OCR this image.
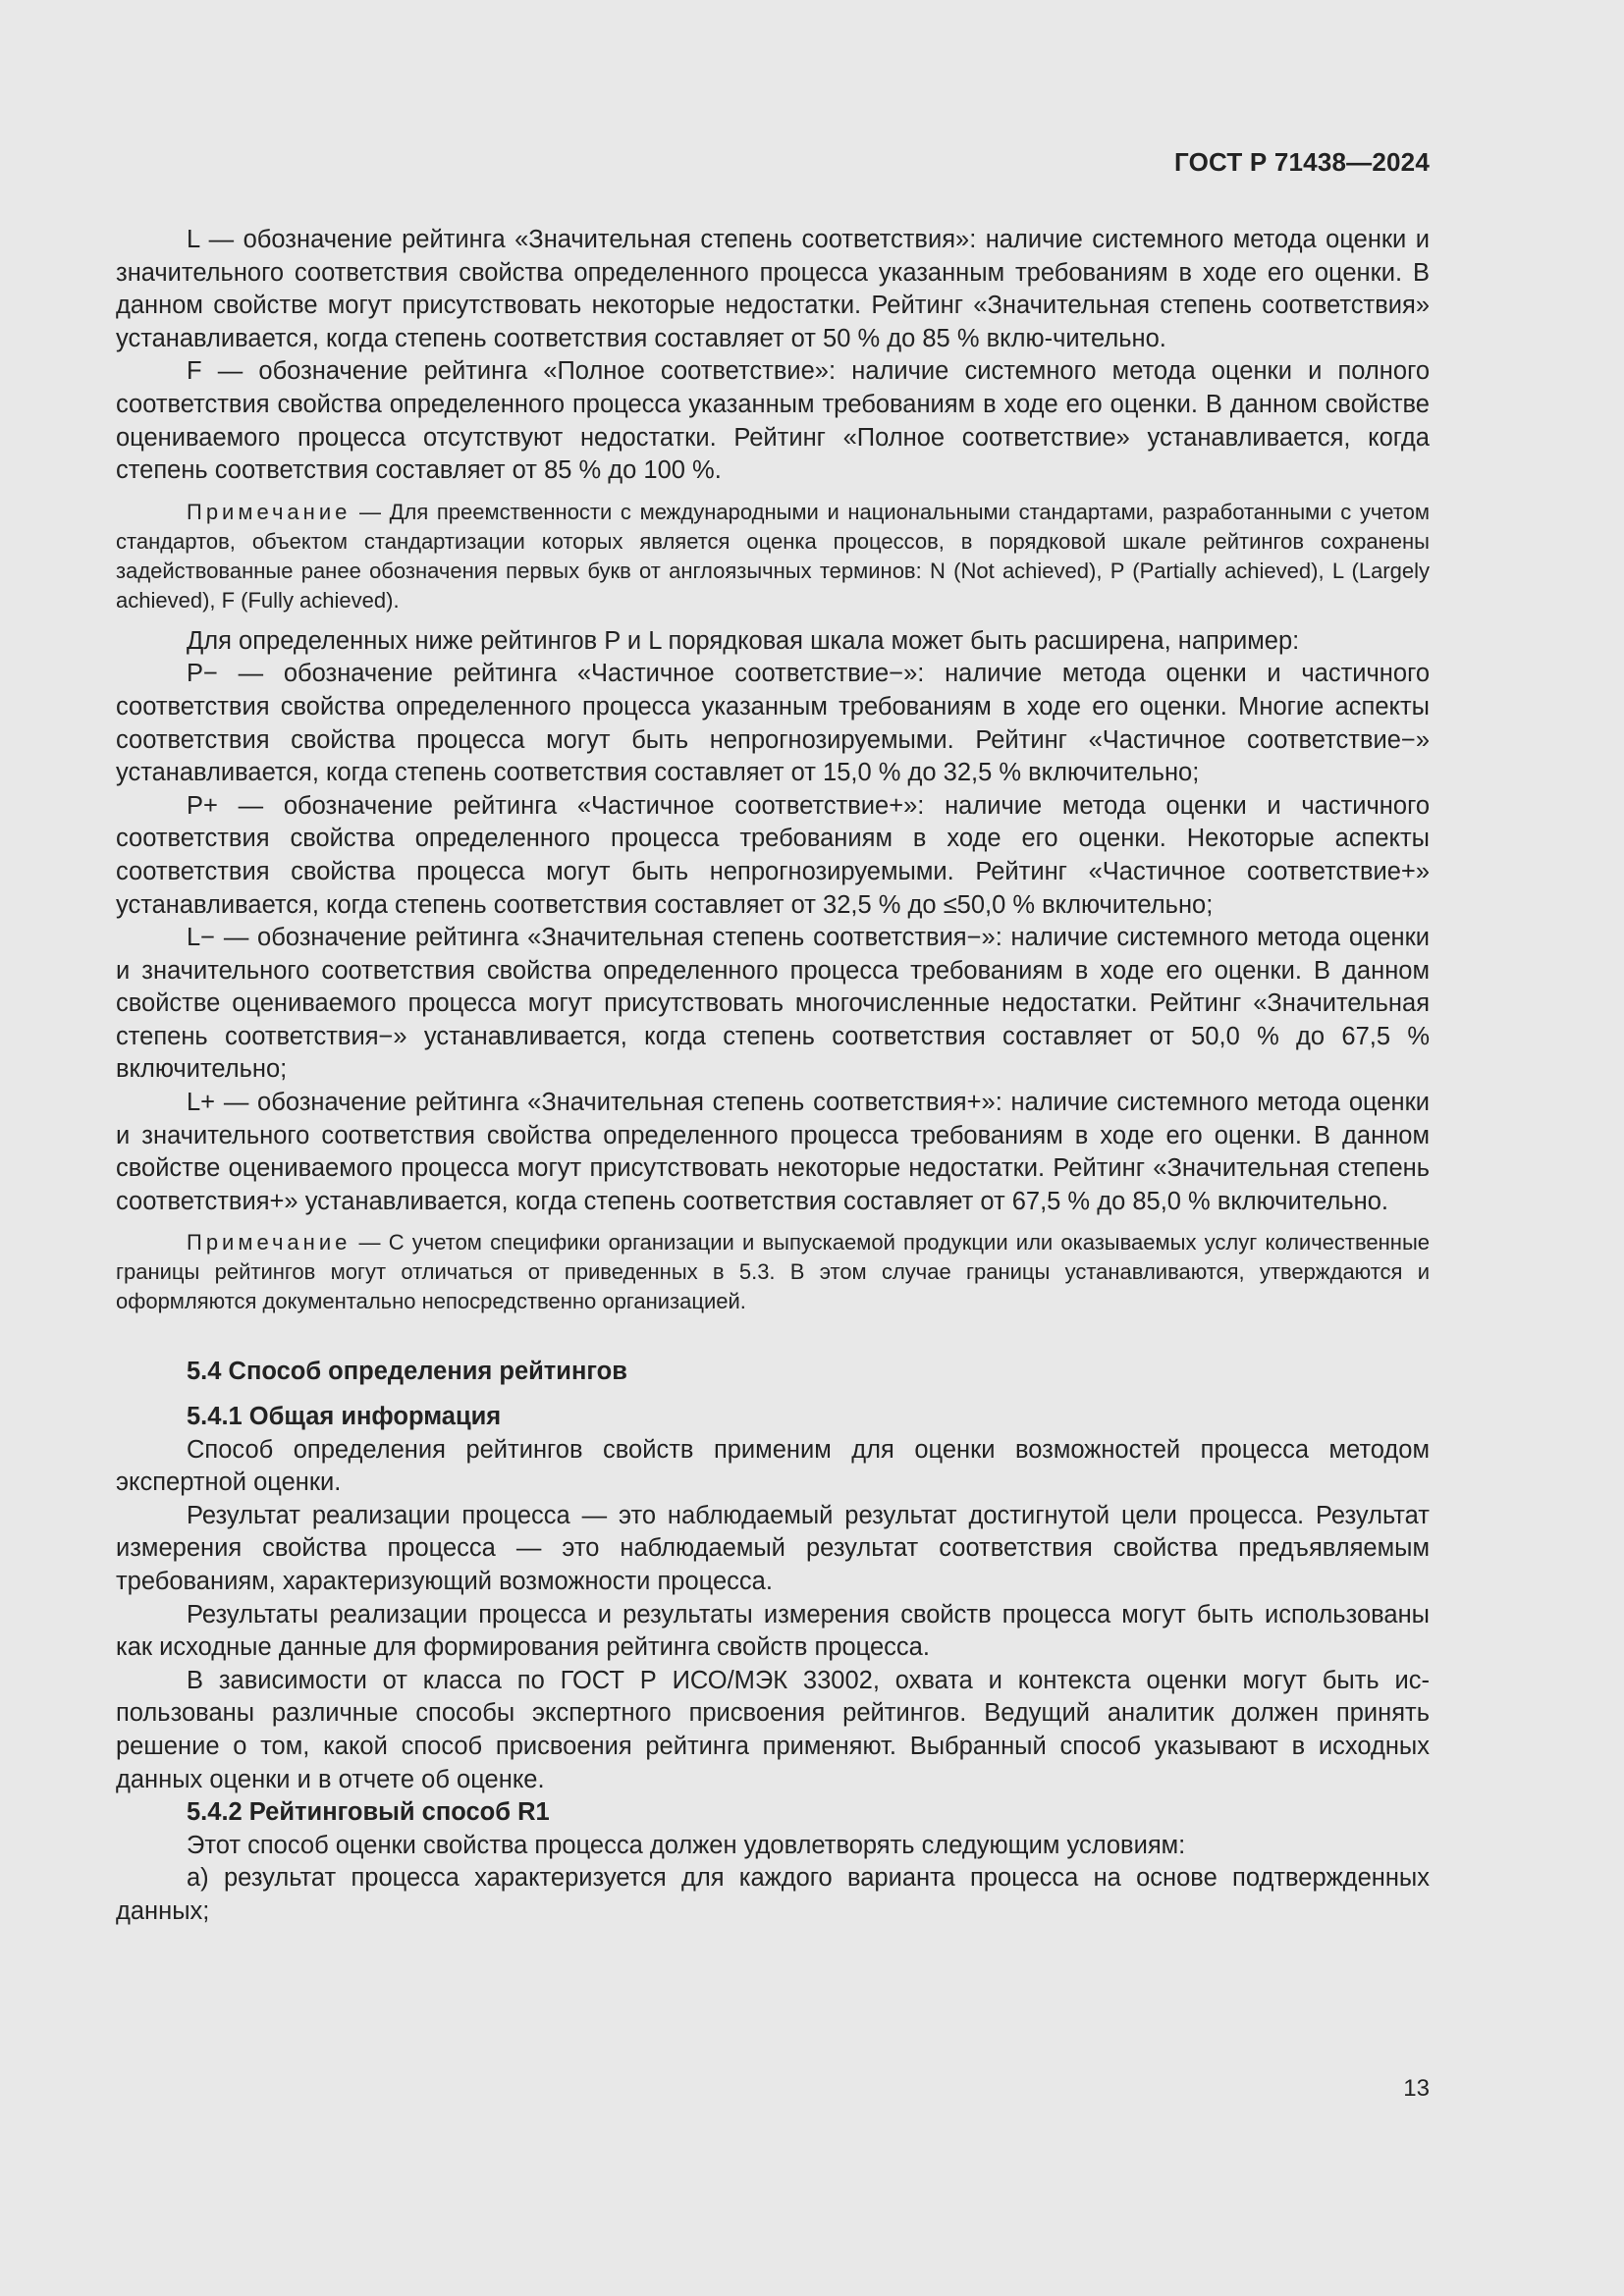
ГОСТ Р 71438—2024

L — обозначение рейтинга «Значительная степень соответствия»: наличие системного метода оценки и значительного соответствия свойства определенного процесса указанным требованиям в ходе его оценки. В данном свойстве могут присутствовать некоторые недостатки. Рейтинг «Значительная степень соответствия» устанавливается, когда степень соответствия составляет от 50 % до 85 % вклю-чительно.

F — обозначение рейтинга «Полное соответствие»: наличие системного метода оценки и полного соответствия свойства определенного процесса указанным требованиям в ходе его оценки. В данном свойстве оцениваемого процесса отсутствуют недостатки. Рейтинг «Полное соответствие» устанавливается, когда степень соответствия составляет от 85 % до 100 %.

Примечание — Для преемственности с международными и национальными стандартами, разработанными с учетом стандартов, объектом стандартизации которых является оценка процессов, в порядковой шкале рейтингов сохранены задействованные ранее обозначения первых букв от англоязычных терминов: N (Not achieved), P (Partially achieved), L (Largely achieved), F (Fully achieved).

Для определенных ниже рейтингов P и L порядковая шкала может быть расширена, например:

P− — обозначение рейтинга «Частичное соответствие−»: наличие метода оценки и частичного соответствия свойства определенного процесса указанным требованиям в ходе его оценки. Многие аспекты соответствия свойства процесса могут быть непрогнозируемыми. Рейтинг «Частичное соответствие−» устанавливается, когда степень соответствия составляет от 15,0 % до 32,5 % включительно;

P+ — обозначение рейтинга «Частичное соответствие+»: наличие метода оценки и частичного соответствия свойства определенного процесса требованиям в ходе его оценки. Некоторые аспекты соответствия свойства процесса могут быть непрогнозируемыми. Рейтинг «Частичное соответствие+» устанавливается, когда степень соответствия составляет от 32,5 % до ≤50,0 % включительно;

L− — обозначение рейтинга «Значительная степень соответствия−»: наличие системного метода оценки и значительного соответствия свойства определенного процесса требованиям в ходе его оценки. В данном свойстве оцениваемого процесса могут присутствовать многочисленные недостатки. Рейтинг «Значительная степень соответствия−» устанавливается, когда степень соответствия составляет от 50,0 % до 67,5 % включительно;

L+ — обозначение рейтинга «Значительная степень соответствия+»: наличие системного метода оценки и значительного соответствия свойства определенного процесса требованиям в ходе его оценки. В данном свойстве оцениваемого процесса могут присутствовать некоторые недостатки. Рейтинг «Значительная степень соответствия+» устанавливается, когда степень соответствия составляет от 67,5 % до 85,0 % включительно.

Примечание — С учетом специфики организации и выпускаемой продукции или оказываемых услуг количественные границы рейтингов могут отличаться от приведенных в 5.3. В этом случае границы устанавливаются, утверждаются и оформляются документально непосредственно организацией.

5.4 Способ определения рейтингов

5.4.1 Общая информация

Способ определения рейтингов свойств применим для оценки возможностей процесса методом экспертной оценки.

Результат реализации процесса — это наблюдаемый результат достигнутой цели процесса. Результат измерения свойства процесса — это наблюдаемый результат соответствия свойства предъявляемым требованиям, характеризующий возможности процесса.

Результаты реализации процесса и результаты измерения свойств процесса могут быть использованы как исходные данные для формирования рейтинга свойств процесса.

В зависимости от класса по ГОСТ Р ИСО/МЭК 33002, охвата и контекста оценки могут быть использованы различные способы экспертного присвоения рейтингов. Ведущий аналитик должен принять решение о том, какой способ присвоения рейтинга применяют. Выбранный способ указывают в исходных данных оценки и в отчете об оценке.

5.4.2 Рейтинговый способ R1

Этот способ оценки свойства процесса должен удовлетворять следующим условиям:

а) результат процесса характеризуется для каждого варианта процесса на основе подтвержденных данных;

13
